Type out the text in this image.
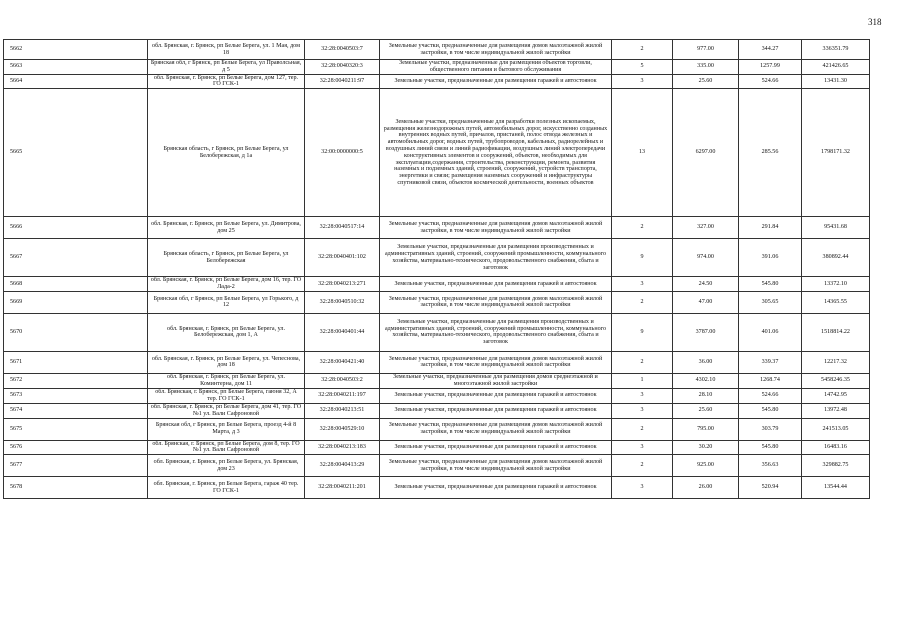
318
5662	обл. Брянская, г. Брянск, рп Белые Берега, ул. 1 Мая, дом 18	32:28:0040503:7	Земельные участки, предназначенные для размещения домов малоэтажной жилой застройки, в том числе индивидуальной жилой застройки	2	977.00	344.27	336351.79
5663	Брянская обл, г Брянск, рп Белые Берега, ул Праволсьная, д 5	32:28:0040320:3	Земельные участки, предназначенные для размещения объектов торговли, общественного питания и бытового обслуживания	5	335.00	1257.99	421426.65
5664	обл. Брянская, г. Брянск, рп Белые Берега, дом 127, тер. ГО ГСК-1	32:28:0040211:97	Земельные участки, предназначенные для размещения гаражей и автостоянок	3	25.60	524.66	13431.30
5665	Брянская область, г Брянск, рп Белые Берега, ул Белобережская, д 1а	32:00:0000000:5	Земельные участки, предназначенные для разработки полезных ископаемых, размещения железнодорожных путей, автомобильных дорог, искусственно созданных внутренних водных путей, причалов, пристаней, полос отвода железных и автомобильных дорог, водных путей, трубопроводов, кабельных, радиорелейных и воздушных линий связи и линий радиофикации, воздушных линий электропередачи конструктивных элементов и сооружений, объектов, необходимых для эксплуатации,содержания, строительства, реконструкции, ремонта, развития наземных и подземных зданий, строений, сооружений, устройств транспорта, энергетики и связи; размещения наземных сооружений и инфраструктуры спутниковой связи, объектов космической деятельности, военных объектов	13	6297.00	285.56	1798171.32
5666	обл. Брянская, г. Брянск, рп Белые Берега, ул. Димитрова, дом 25	32:28:0040517:14	Земельные участки, предназначенные для размещения домов малоэтажной жилой застройки, в том числе индивидуальной жилой застройки	2	327.00	291.84	95431.68
5667	Брянская область, г Брянск, рп Белые Берега, ул Белобережская	32:28:0040401:102	Земельные участки, предназначенные для размещения производственных и административных зданий, строений, сооружений промышленности, коммунального хозяйства, материально-технического, продовольственного снабжения, сбыта и заготовок	9	974.00	391.06	380892.44
5668	обл. Брянская, г. Брянск, рп Белые Берега, дом 16, тер. ГО Лада-2	32:28:0040213:271	Земельные участки, предназначенные для размещения гаражей и автостоянок	3	24.50	545.80	13372.10
5669	Брянская обл, г Брянск, рп Белые Берега, ул Горького, д 12	32:28:0040510:32	Земельные участки, предназначенные для размещения домов малоэтажной жилой застройки, в том числе индивидуальной жилой застройки	2	47.00	305.65	14365.55
5670	обл. Брянская, г. Брянск, рп Белые Берега, ул. Белобережская, дом 1, А	32:28:0040401:44	Земельные участки, предназначенные для размещения производственных и административных зданий, строений, сооружений промышленности, коммунального хозяйства, материально-технического, продовольственного снабжения, сбыта и заготовок	9	3787.00	401.06	1518814.22
5671	обл. Брянская, г. Брянск, рп Белые Берега, ул. Чепеснова, дом 18	32:28:0040421:40	Земельные участки, предназначенные для размещения домов малоэтажной жилой застройки, в том числе индивидуальной жилой застройки	2	36.00	339.37	12217.32
5672	обл. Брянская, г. Брянск, рп Белые Берега, ул. Коминтерна, дом 11	32:28:0040503:2	Земельные участки, предназначенные для размещения домов среднеэтажной и многоэтажной жилой застройки	1	4302.10	1268.74	5458246.35
5673	обл. Брянская, г. Брянск, рп Белые Берега, гаюня 32, А тер. ГО ГСК-1	32:28:0040211:197	Земельные участки, предназначенные для размещения гаражей и автостоянок	3	28.10	524.66	14742.95
5674	обл. Брянская, г. Брянск, рп Белые Берега, дом 41, тер. ГО №1 ул. Вали Сафроновой	32:28:0040213:51	Земельные участки, предназначенные для размещения гаражей и автостоянок	3	25.60	545.80	13972.48
5675	Брянская обл, г Брянск, рп Белые Берега, проезд 4-й 8 Марта, д 3	32:28:0040529:10	Земельные участки, предназначенные для размещения домов малоэтажной жилой застройки, в том числе индивидуальной жилой застройки	2	795.00	303.79	241513.05
5676	обл. Брянская, г. Брянск, рп Белые Берега, дом 8, тер. ГО №1 ул. Вали Сафроновой	32:28:0040213:183	Земельные участки, предназначенные для размещения гаражей и автостоянок	3	30.20	545.80	16483.16
5677	обл. Брянская, г. Брянск, рп Белые Берега, ул. Брянская, дом 23	32:28:0040413:29	Земельные участки, предназначенные для размещения домов малоэтажной жилой застройки, в том числе индивидуальной жилой застройки	2	925.00	356.63	329882.75
5678	обл. Брянская, г. Брянск, рп Белые Берега, гараж 40 тер. ГО ГСК-1	32:28:0040211:201	Земельные участки, предназначенные для размещения гаражей и автостоянок	3	26.00	520.94	13544.44
